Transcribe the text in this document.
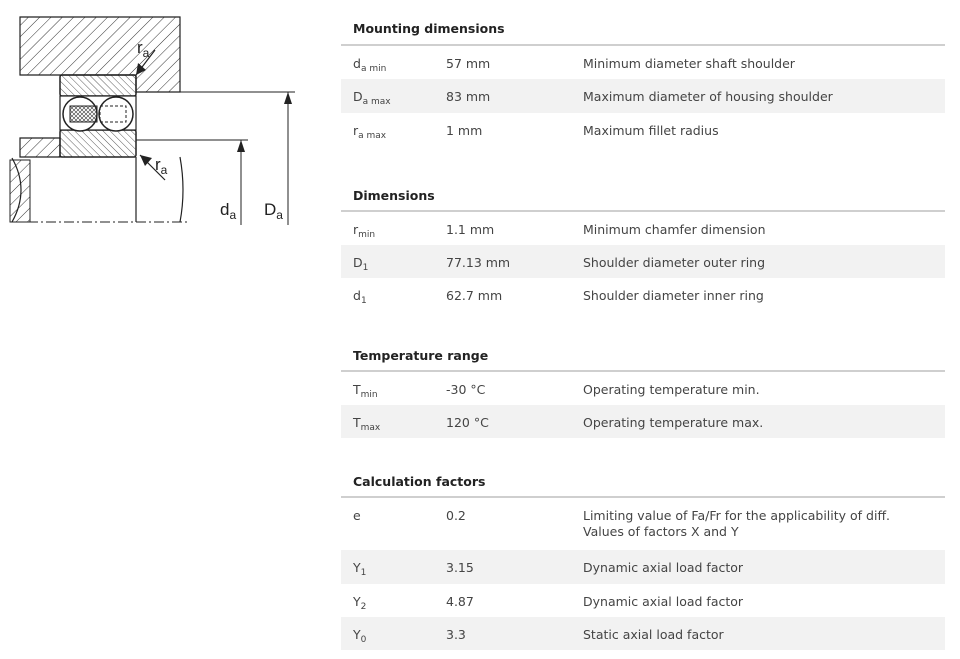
$r_a$
$r_a$
$d_a$ $D_a$
Mounting dimensions
$d_{a min}$	57 mm	Minimum diameter shaft shoulder
$D_{a max}$	83 mm	Maximum diameter of housing shoulder
$r_{a max}$	1 mm	Maximum fillet radius
Dimensions
$r_{min}$	1.1 mm	Minimum chamfer dimension
$D_1$	77.13 mm	Shoulder diameter outer ring
$d_1$	62.7 mm	Shoulder diameter inner ring
Temperature range
$T_{min}$	-30 °C	Operating temperature min.
$T_{max}$	120 °C	Operating temperature max.
Calculation factors
e	0.2	Limiting value of Fa/Fr for the applicability of diff. Values of factors X and Y
$Y_1$	3.15	Dynamic axial load factor
$Y_2$	4.87	Dynamic axial load factor
$Y_0$	3.3	Static axial load factor
